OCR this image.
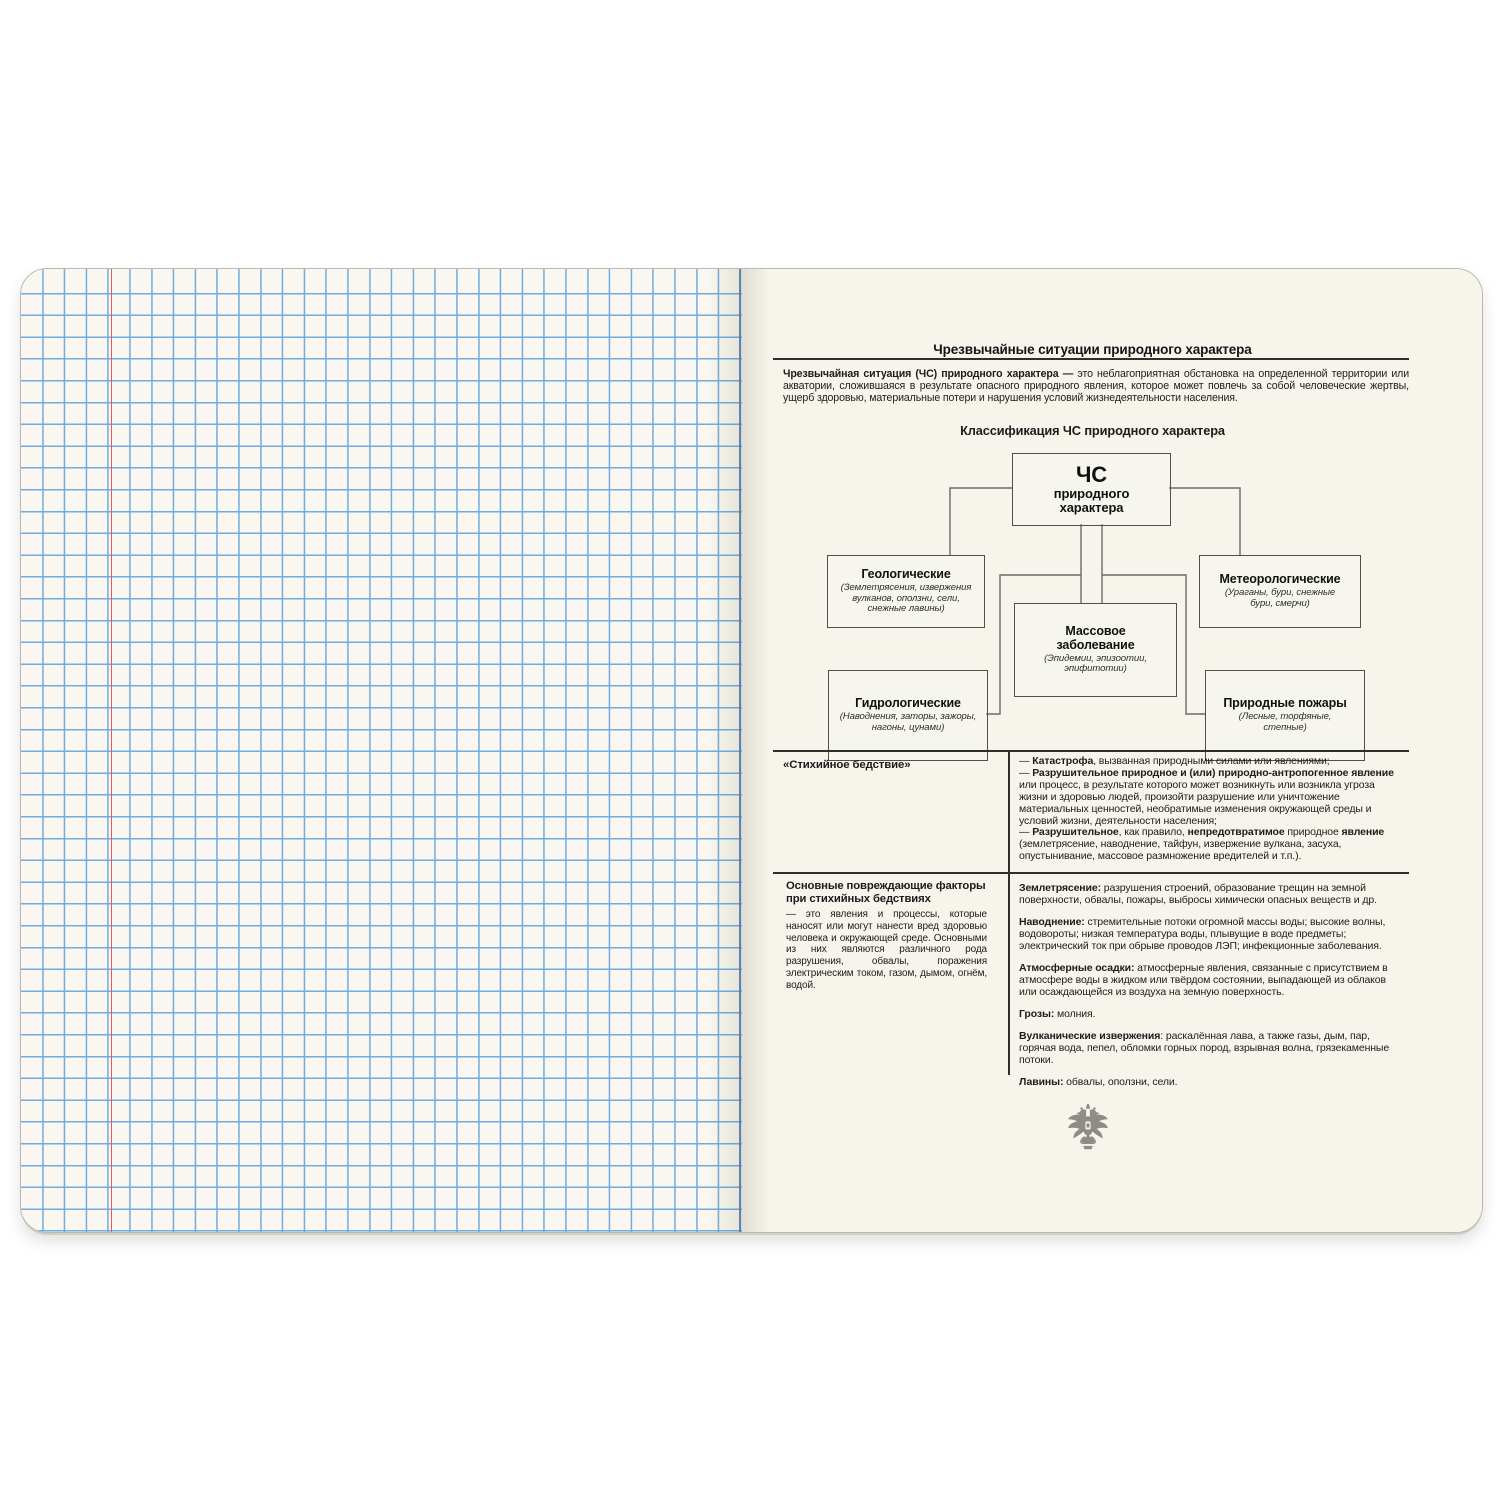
Чрезвычайные ситуации природного характера
Чрезвычайная ситуация (ЧС) природного характера — это неблагоприятная обстановка на определенной территории или акватории, сложившаяся в результате опасного природного явления, которое может повлечь за собой человеческие жертвы, ущерб здоровью, материальные потери и нарушения условий жизнедеятельности населения.
Классификация ЧС природного характера
ЧС
природного характера
Геологические
(Землетрясения, извержения вулканов, оползни, сели, снежные лавины)
Метеорологические
(Ураганы, бури, снежные бури, смерчи)
Массовое заболевание
(Эпидемии, эпизоотии, эпифитотии)
Гидрологические
(Наводнения, заторы, зажоры, нагоны, цунами)
Природные пожары
(Лесные, торфяные, степные)
«Стихийное бедствие»	— Катастрофа, вызванная природными силами или явлениями;
— Разрушительное природное и (или) природно-антропогенное явление или процесс, в результате которого может возникнуть или возникла угроза жизни и здоровью людей, произойти разрушение или уничтожение материальных ценностей, необратимые изменения окружающей среды и условий жизни, деятельности населения;
— Разрушительное, как правило, непредотвратимое природное явление (землетрясение, наводнение, тайфун, извержение вулкана, засуха, опустынивание, массовое размножение вредителей и т.п.).
Основные повреждающие факторы при стихийных бедствиях
— это явления и процессы, которые наносят или могут нанести вред здоровью человека и окружающей среде. Основными из них являются различного рода разрушения, обвалы, поражения электрическим током, газом, дымом, огнём, водой.

Землетрясение: разрушения строений, образование трещин на земной поверхности, обвалы, пожары, выбросы химически опасных веществ и др.

Наводнение: стремительные потоки огромной массы воды; высокие волны, водовороты; низкая температура воды, плывущие в воде предметы; электрический ток при обрыве проводов ЛЭП; инфекционные заболевания.

Атмосферные осадки: атмосферные явления, связанные с присутствием в атмосфере воды в жидком или твёрдом состоянии, выпадающей из облаков или осаждающейся из воздуха на земную поверхность.

Грозы: молния.

Вулканические извержения: раскалённая лава, а также газы, дым, пар, горячая вода, пепел, обломки горных пород, взрывная волна, грязекаменные потоки.

Лавины: обвалы, оползни, сели.
